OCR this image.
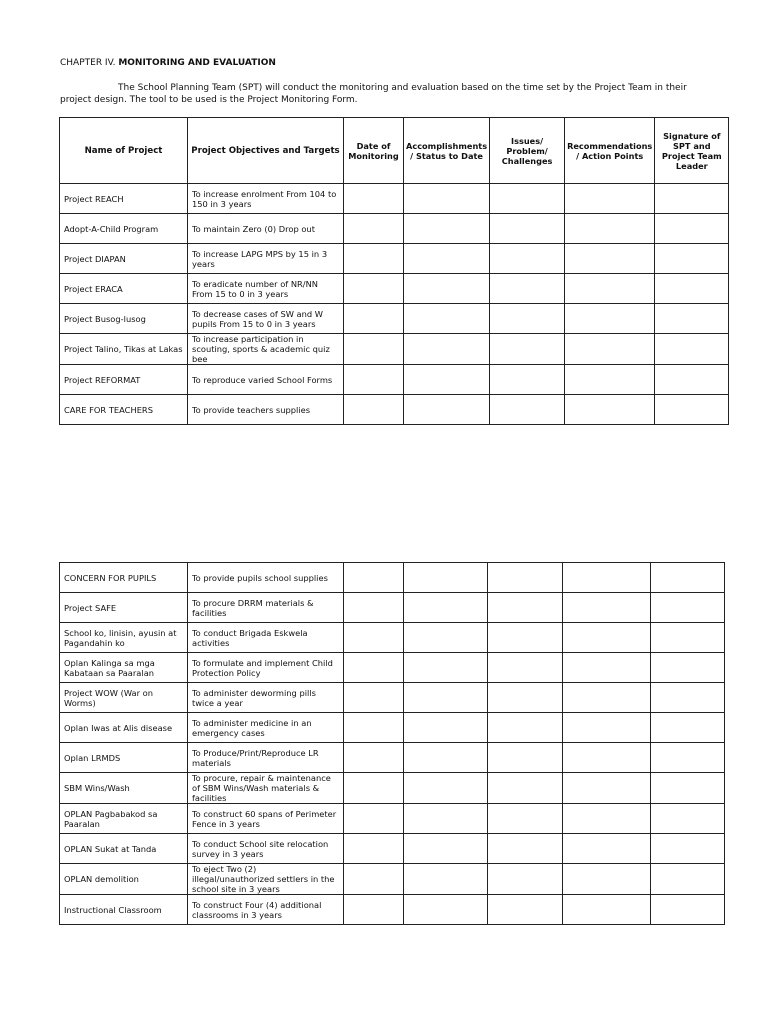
CHAPTER IV. MONITORING AND EVALUATION
The School Planning Team (SPT) will conduct the monitoring and evaluation based on the time set by the Project Team in their project design. The tool to be used is the Project Monitoring Form.
Name of Project	Project Objectives and Targets	Date of Monitoring	Accomplishments / Status to Date	Issues/ Problem/ Challenges	Recommendations / Action Points	Signature of SPT and Project Team Leader
Project REACH	To increase enrolment From 104 to 150 in 3 years					
Adopt-A-Child Program	To maintain Zero (0) Drop out					
Project DIAPAN	To increase LAPG MPS by 15 in 3 years					
Project ERACA	To eradicate number of NR/NN From 15 to 0 in 3 years					
Project Busog-lusog	To decrease cases of SW and W pupils From 15 to 0 in 3 years					
Project Talino, Tikas at Lakas	To increase participation in scouting, sports & academic quiz bee					
Project REFORMAT	To reproduce varied School Forms					
CARE FOR TEACHERS	To provide teachers supplies					
CONCERN FOR PUPILS	To provide pupils school supplies					
Project SAFE	To procure DRRM materials & facilities					
School ko, linisin, ayusin at Pagandahin ko	To conduct Brigada Eskwela activities					
Oplan Kalinga sa mga Kabataan sa Paaralan	To formulate and implement Child Protection Policy					
Project WOW (War on Worms)	To administer deworming pills twice a year					
Oplan Iwas at Alis disease	To administer medicine in an emergency cases					
Oplan LRMDS	To Produce/Print/Reproduce LR materials					
SBM Wins/Wash	To procure, repair & maintenance of SBM Wins/Wash materials & facilities					
OPLAN Pagbabakod sa Paaralan	To construct 60 spans of Perimeter Fence in 3 years					
OPLAN Sukat at Tanda	To conduct School site relocation survey in 3 years					
OPLAN demolition	To eject Two (2) illegal/unauthorized settlers in the school site in 3 years					
Instructional Classroom	To construct Four (4) additional classrooms in 3 years					
